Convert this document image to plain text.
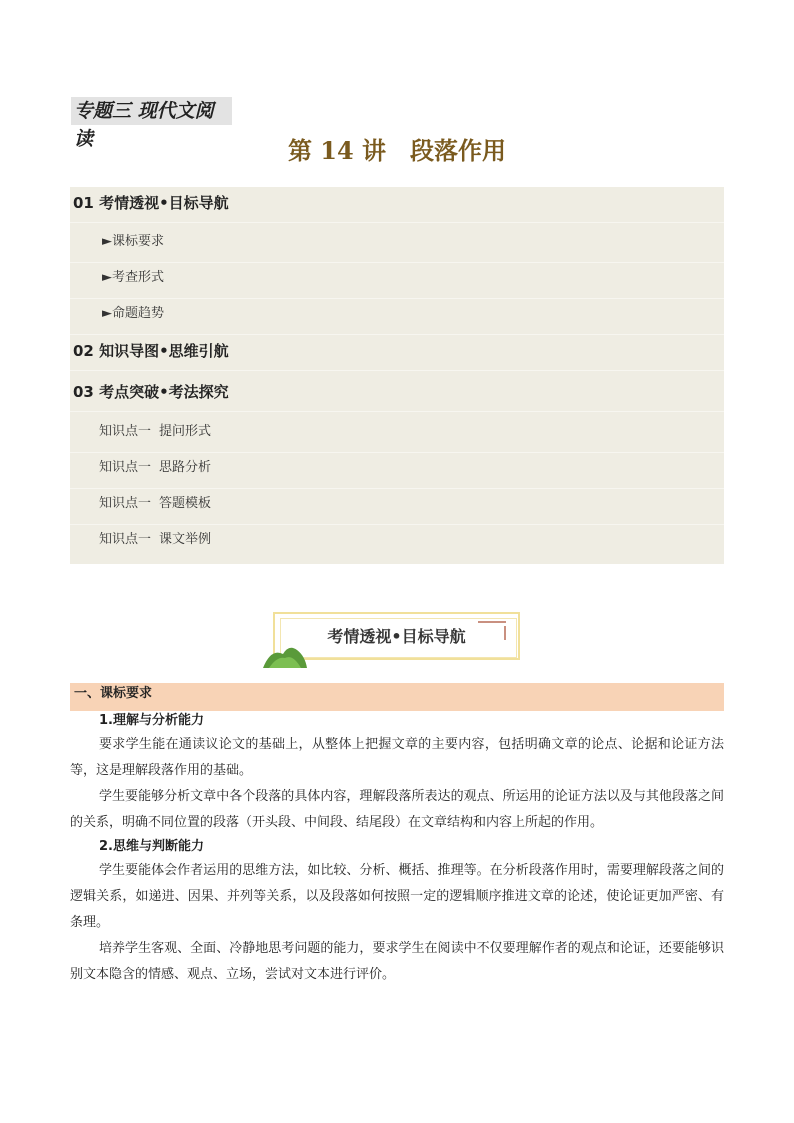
专题三 现代文阅读	第 14 讲　段落作用
01 考情透视•目标导航
►课标要求
►考查形式
►命题趋势
02 知识导图•思维引航
03 考点突破•考法探究
知识点一 提问形式
知识点一 思路分析
知识点一 答题模板
知识点一 课文举例
考情透视•目标导航
一、课标要求

1.理解与分析能力

要求学生能在通读议论文的基础上，从整体上把握文章的主要内容，包括明确文章的论点、论据和论证方法等，这是理解段落作用的基础。

学生要能够分析文章中各个段落的具体内容，理解段落所表达的观点、所运用的论证方法以及与其他段落之间的关系，明确不同位置的段落（开头段、中间段、结尾段）在文章结构和内容上所起的作用。

2.思维与判断能力

学生要能体会作者运用的思维方法，如比较、分析、概括、推理等。在分析段落作用时，需要理解段落之间的逻辑关系，如递进、因果、并列等关系，以及段落如何按照一定的逻辑顺序推进文章的论述，使论证更加严密、有条理。

培养学生客观、全面、冷静地思考问题的能力，要求学生在阅读中不仅要理解作者的观点和论证，还要能够识别文本隐含的情感、观点、立场，尝试对文本进行评价。
